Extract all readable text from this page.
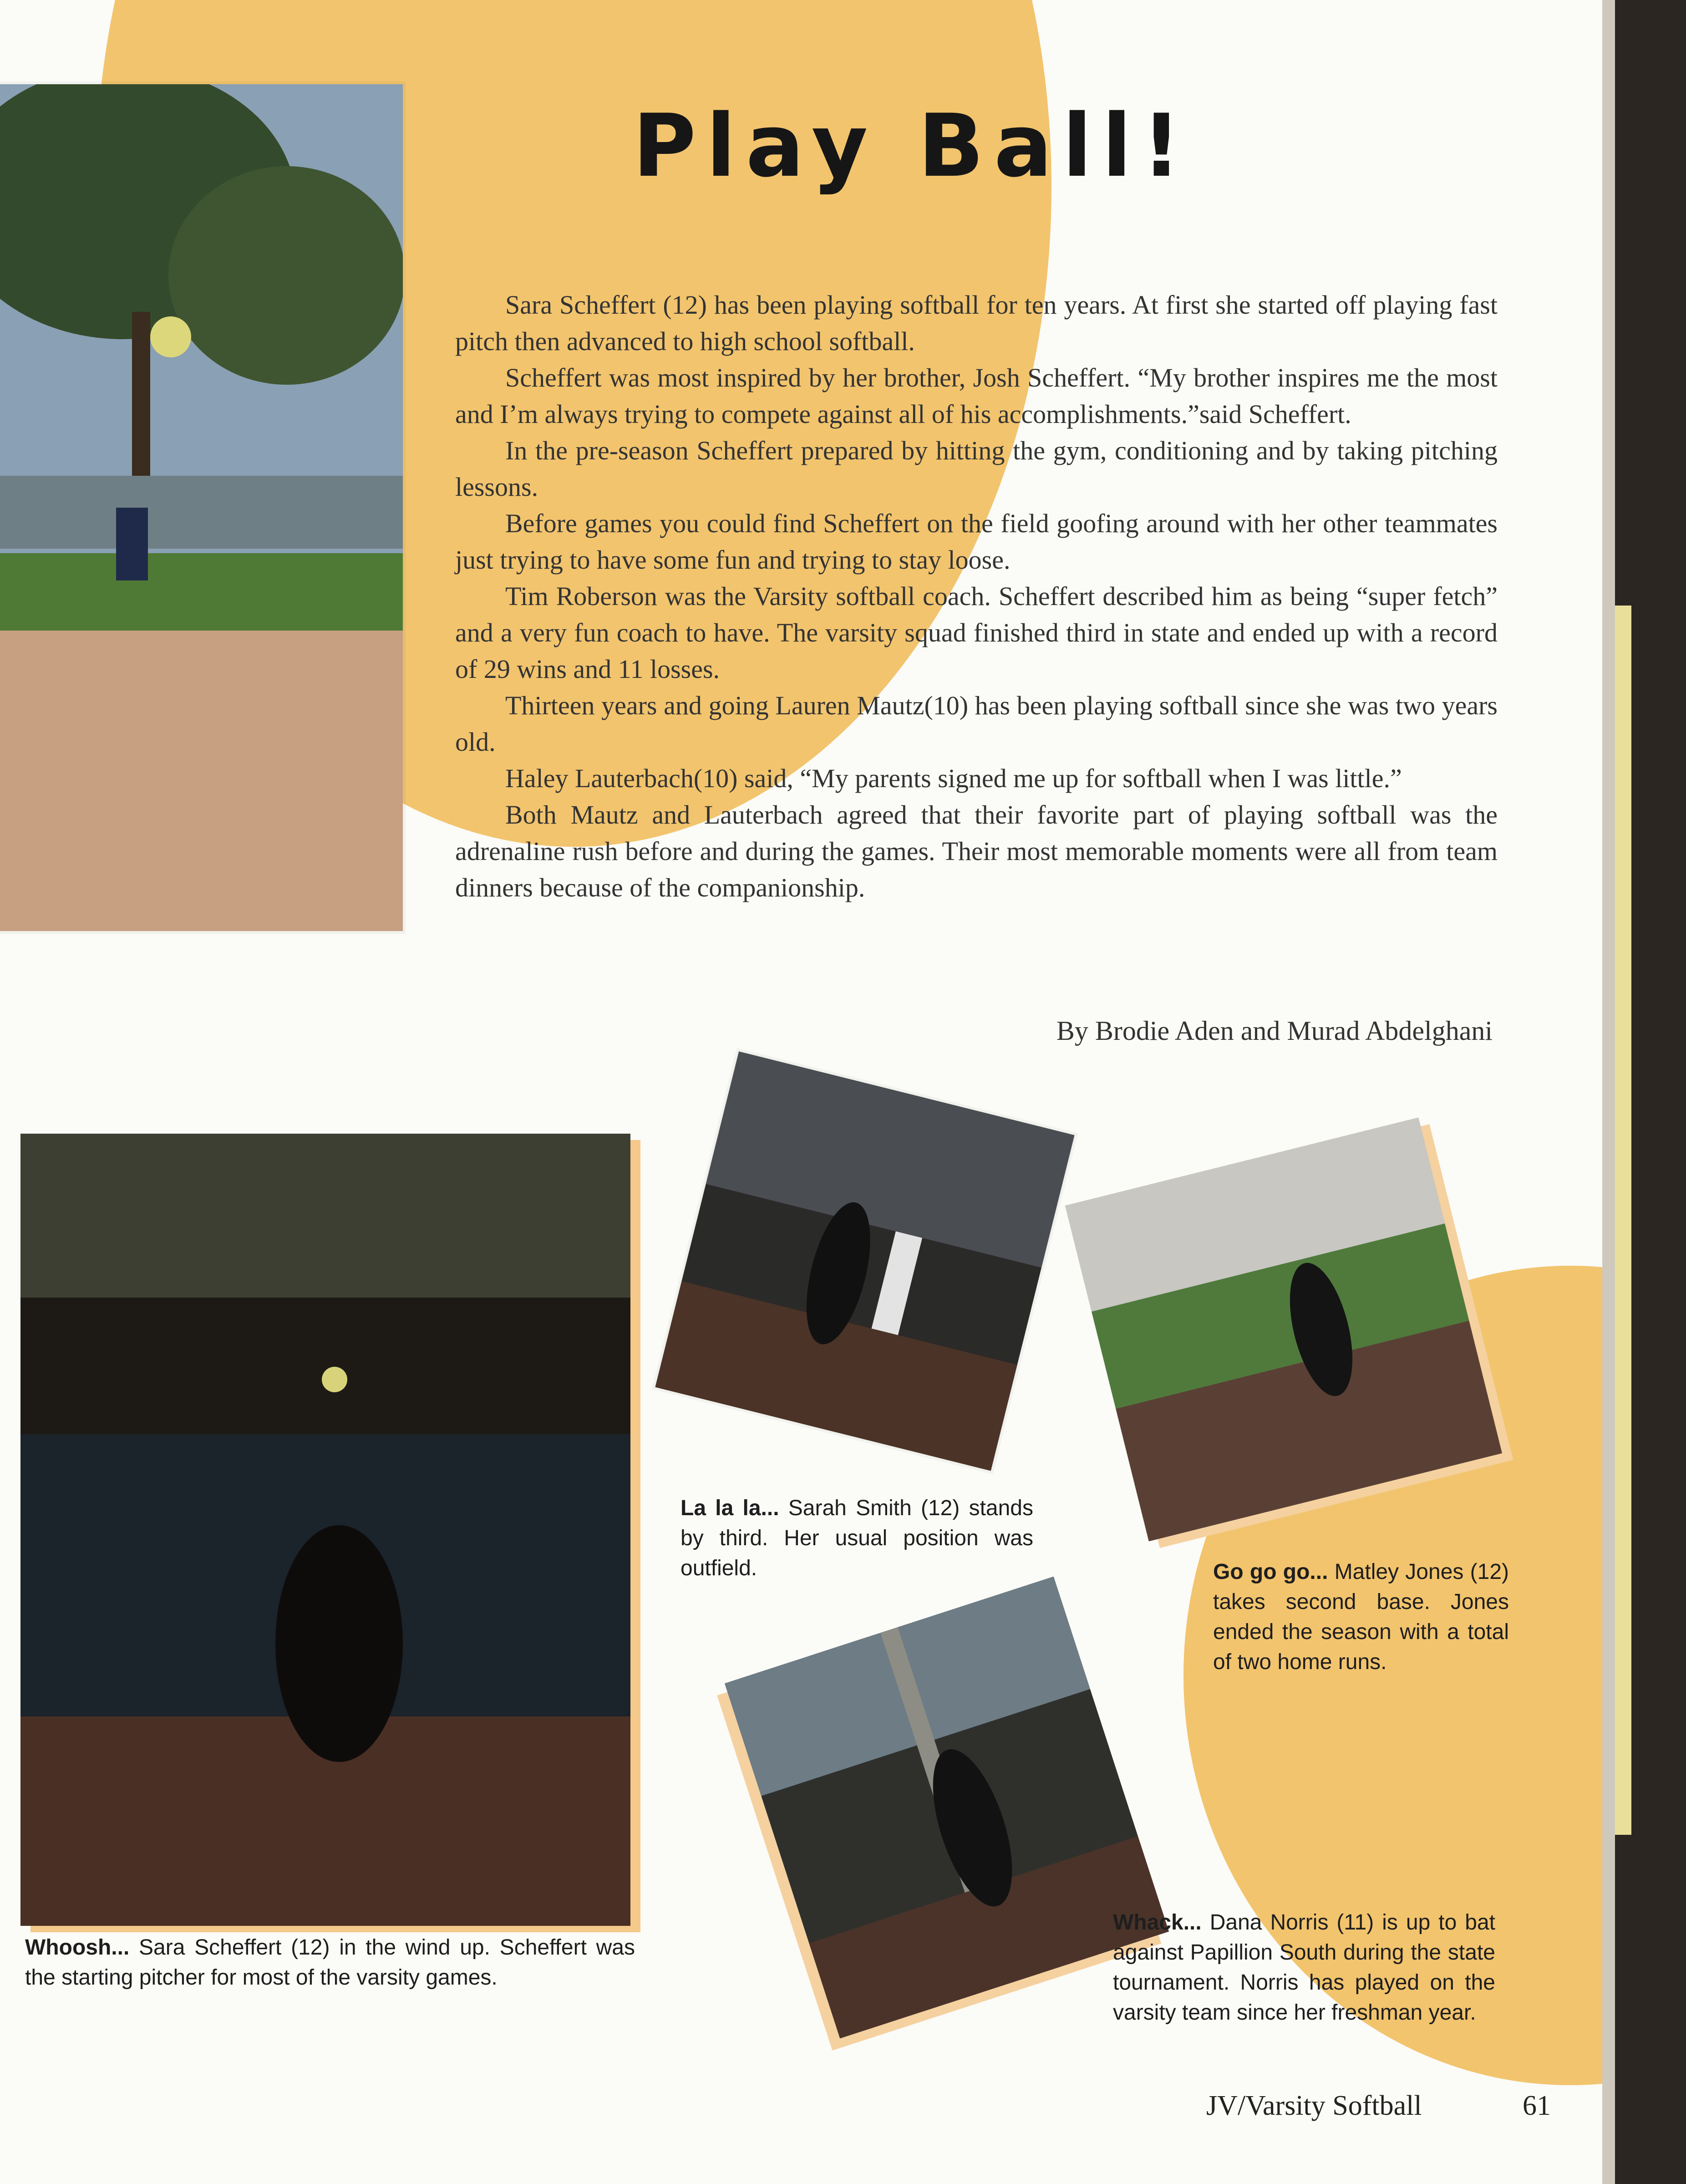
Play Ball!

Sara Scheffert (12) has been playing softball for ten years. At first she started off playing fast pitch then advanced to high school softball.

Scheffert was most inspired by her brother, Josh Scheffert. “My brother inspires me the most and I’m always trying to compete against all of his accomplishments.”said Scheffert.

In the pre-season Scheffert prepared by hitting the gym, conditioning and by taking pitching lessons.

Before games you could find Scheffert on the field goofing around with her other teammates just trying to have some fun and trying to stay loose.

Tim Roberson was the Varsity softball coach. Scheffert described him as being “super fetch” and a very fun coach to have. The varsity squad finished third in state and ended up with a record of 29 wins and 11 losses.

Thirteen years and going Lauren Mautz(10) has been playing softball since she was two years old.

Haley Lauterbach(10) said, “My parents signed me up for softball when I was little.”

Both Mautz and Lauterbach agreed that their favorite part of playing softball was the adrenaline rush before and during the games. Their most memorable moments were all from team dinners because of the companionship.

By Brodie Aden and Murad Abdelghani
Whoosh... Sara Scheffert (12) in the wind up. Scheffert was the starting pitcher for most of the varsity games.
La la la... Sarah Smith (12) stands by third. Her usual position was outfield.	Go go go... Matley Jones (12) takes second base. Jones ended the season with a total of two home runs.
Whack... Dana Norris (11) is up to bat against Papillion South during the state tournament. Norris has played on the varsity team since her freshman year.
JV/Varsity Softball	61
